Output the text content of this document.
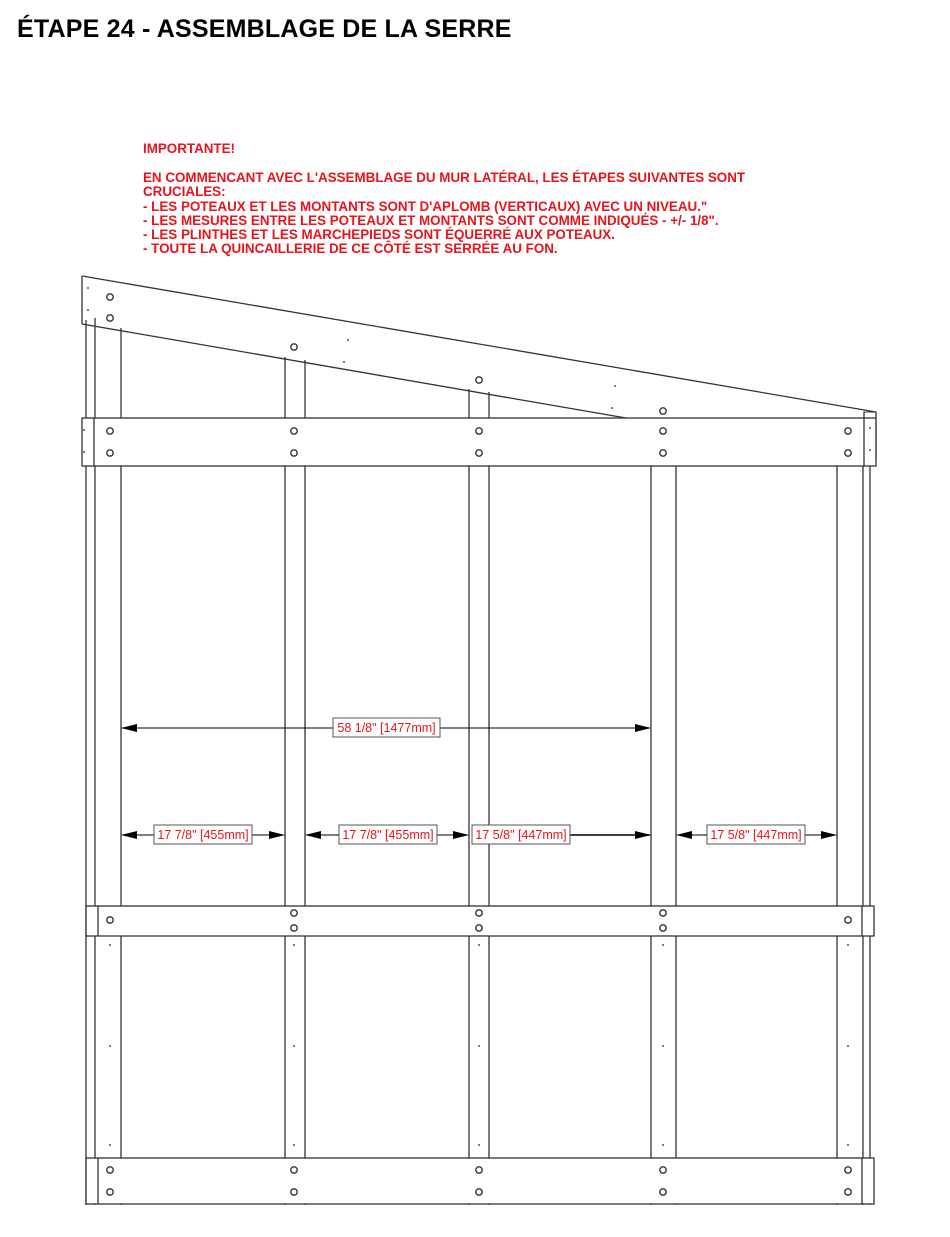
ÉTAPE 24 - ASSEMBLAGE DE LA SERRE
IMPORTANTE!
EN COMMENCANT AVEC L'ASSEMBLAGE DU MUR LATÉRAL, LES ÉTAPES SUIVANTES SONT
CRUCIALES:
- LES POTEAUX ET LES MONTANTS SONT D'APLOMB (VERTICAUX) AVEC UN NIVEAU."
- LES MESURES ENTRE LES POTEAUX ET MONTANTS SONT COMME INDIQUÉS - +/- 1/8".
- LES PLINTHES ET LES MARCHEPIEDS SONT ÉQUERRÉ AUX POTEAUX.
- TOUTE LA QUINCAILLERIE DE CE CÔTÉ EST SERRÉE AU FON.
58 1/8" [1477mm]
17 7/8" [455mm]	17 7/8" [455mm]	17 5/8" [447mm]	17 5/8" [447mm]
